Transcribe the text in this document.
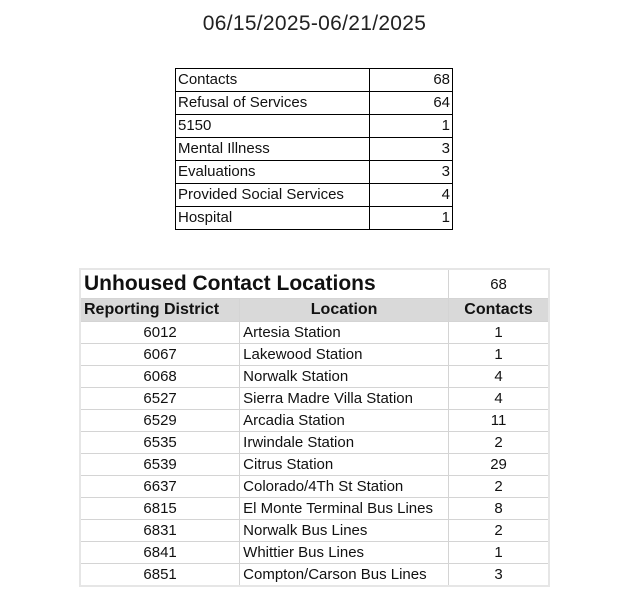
06/15/2025-06/21/2025
Contacts	68
Refusal of Services	64
5150	1
Mental Illness	3
Evaluations	3
Provided Social Services	4
Hospital	1
Unhoused Contact Locations		68
Reporting District	Location	Contacts
6012	Artesia Station	1
6067	Lakewood Station	1
6068	Norwalk Station	4
6527	Sierra Madre Villa Station	4
6529	Arcadia Station	11
6535	Irwindale Station	2
6539	Citrus Station	29
6637	Colorado/4Th St Station	2
6815	El Monte Terminal Bus Lines	8
6831	Norwalk Bus Lines	2
6841	Whittier Bus Lines	1
6851	Compton/Carson Bus Lines	3
